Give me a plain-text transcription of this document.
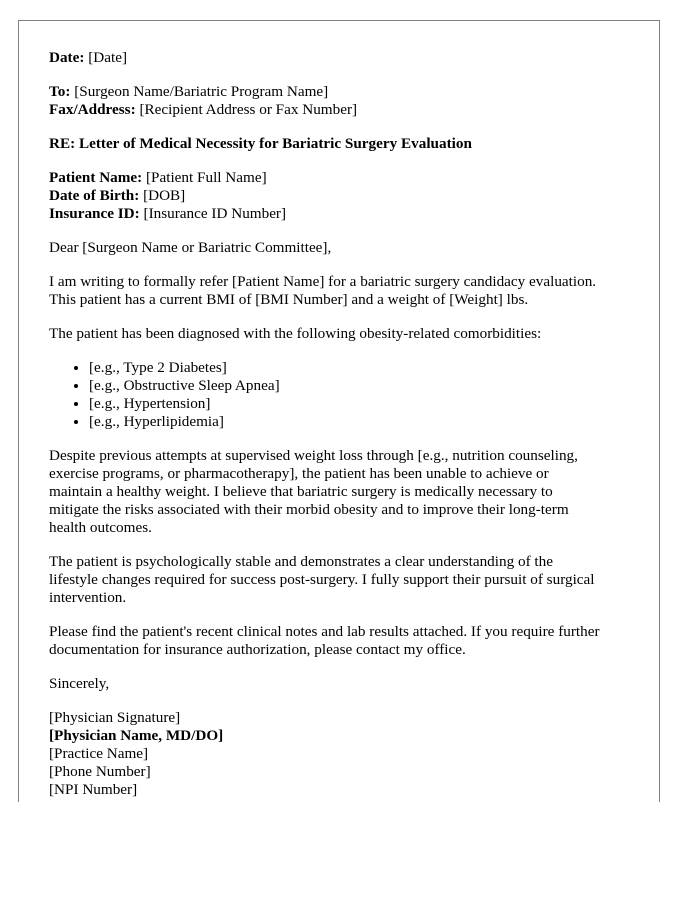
Date: [Date]

To: [Surgeon Name/Bariatric Program Name]
Fax/Address: [Recipient Address or Fax Number]

RE: Letter of Medical Necessity for Bariatric Surgery Evaluation

Patient Name: [Patient Full Name]
Date of Birth: [DOB]
Insurance ID: [Insurance ID Number]

Dear [Surgeon Name or Bariatric Committee],

I am writing to formally refer [Patient Name] for a bariatric surgery candidacy evaluation.
This patient has a current BMI of [BMI Number] and a weight of [Weight] lbs.

The patient has been diagnosed with the following obesity-related comorbidities:

• [e.g., Type 2 Diabetes]
• [e.g., Obstructive Sleep Apnea]
• [e.g., Hypertension]
• [e.g., Hyperlipidemia]

Despite previous attempts at supervised weight loss through [e.g., nutrition counseling,
exercise programs, or pharmacotherapy], the patient has been unable to achieve or
maintain a healthy weight. I believe that bariatric surgery is medically necessary to
mitigate the risks associated with their morbid obesity and to improve their long-term
health outcomes.

The patient is psychologically stable and demonstrates a clear understanding of the
lifestyle changes required for success post-surgery. I fully support their pursuit of surgical
intervention.

Please find the patient's recent clinical notes and lab results attached. If you require further
documentation for insurance authorization, please contact my office.

Sincerely,

[Physician Signature]
[Physician Name, MD/DO]
[Practice Name]
[Phone Number]
[NPI Number]
